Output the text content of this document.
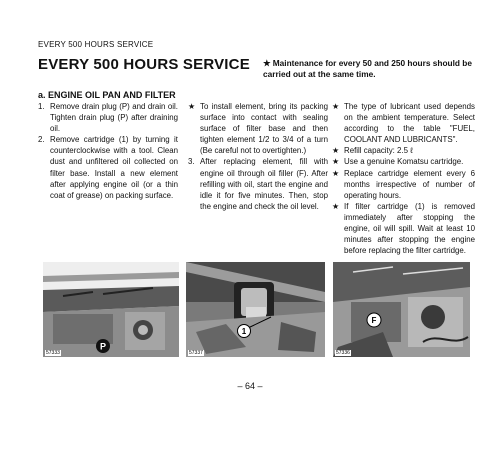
EVERY 500 HOURS SERVICE
EVERY 500 HOURS SERVICE ★ Maintenance for every 50 and 250 hours should be carried out at the same time.
a. ENGINE OIL PAN AND FILTER

1. Remove drain plug (P) and drain oil. Tighten drain plug (P) after draining oil.

2. Remove cartridge (1) by turning it counterclockwise with a tool. Clean dust and unfiltered oil collected on filter base. Install a new element after applying engine oil (or a thin coat of grease) on packing surface.

★ To install element, bring its packing surface into contact with sealing surface of filter base and then tighten element 1/2 to 3/4 of a turn (Be careful not to overtighten.)

3. After replacing element, fill with engine oil through oil filler (F). After refilling with oil, start the engine and idle it for five minutes. Then, stop the engine and check the oil level.

★ The type of lubricant used depends on the ambient temperature. Select according to the table "FUEL, COOLANT AND LUBRICANTS".

★ Refill capacity: 2.5 ℓ

★ Use a genuine Komatsu cartridge.

★ Replace cartridge element every 6 months irrespective of number of operating hours.

★ If filter cartridge (1) is removed immediately after stopping the engine, oil will spill. Wait at least 10 minutes after stopping the engine before replacing the filter cartridge.

P
57333
1
57337
F
57336
– 64 –
